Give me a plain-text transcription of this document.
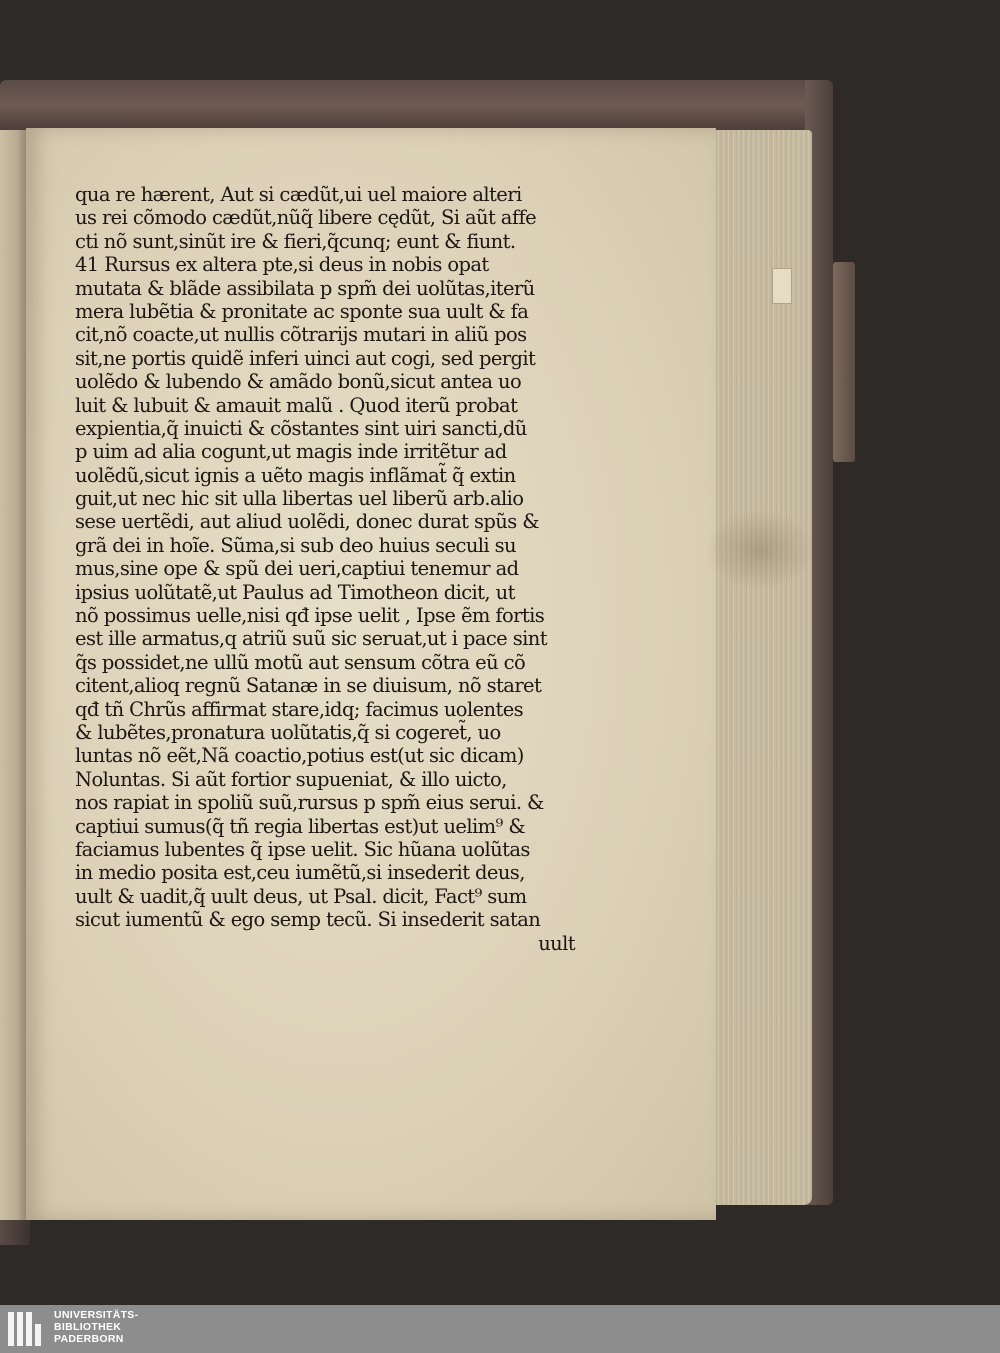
qua re hærent, Aut si cædũt,ui uel maiore alteri
us rei cõmodo cædũt,nũq̃ libere cędũt, Si aũt affe
cti nõ sunt,sinũt ire & fieri,q̃cunq; eunt & fiunt.
41 Rursus ex altera pte,si deus in nobis opat
mutata & blãde assibilata p spm̃ dei uolũtas,iterũ
mera lubẽtia & pronitate ac sponte sua uult & fa
cit,nõ coacte,ut nullis cõtrarijs mutari in aliũ pos
sit,ne portis quidẽ inferi uinci aut cogi, sed pergit
uolẽdo & lubendo & amãdo bonũ,sicut antea uo
luit & lubuit & amauit malũ . Quod iterũ probat
expientia,q̃ inuicti & cõstantes sint uiri sancti,dũ
p uim ad alia cogunt,ut magis inde irritẽtur ad
uolẽdũ,sicut ignis a uẽto magis inflãmat̃ q̃ extin
guit,ut nec hic sit ulla libertas uel liberũ arb.alio
sese uertẽdi, aut aliud uolẽdi, donec durat spũs &
grã dei in hoĩe. Sũma,si sub deo huius seculi su
mus,sine ope & spũ dei ueri,captiui tenemur ad
ipsius uolũtatẽ,ut Paulus ad Timotheon dicit, ut
nõ possimus uelle,nisi qđ ipse uelit , Ipse ẽm fortis
est ille armatus,q atriũ suũ sic seruat,ut i pace sint
q̃s possidet,ne ullũ motũ aut sensum cõtra eũ cõ
citent,alioq regnũ Satanæ in se diuisum, nõ staret
qđ tñ Chrũs affirmat stare,idq; facimus uolentes
& lubẽtes,pronatura uolũtatis,q̃ si cogeret̃, uo
luntas nõ eẽt,Nã coactio,potius est(ut sic dicam)
Noluntas. Si aũt fortior supueniat, & illo uicto,
nos rapiat in spoliũ suũ,rursus p spm̃ eius serui. &
captiui sumus(q̃ tñ regia libertas est)ut uelim⁹ &
faciamus lubentes q̃ ipse uelit. Sic hũana uolũtas
in medio posita est,ceu iumẽtũ,si insederit deus,
uult & uadit,q̃ uult deus, ut Psal. dicit, Fact⁹ sum
sicut iumentũ & ego semp tecũ. Si insederit satan
uult
UNIVERSITÄTS-
BIBLIOTHEK
PADERBORN
